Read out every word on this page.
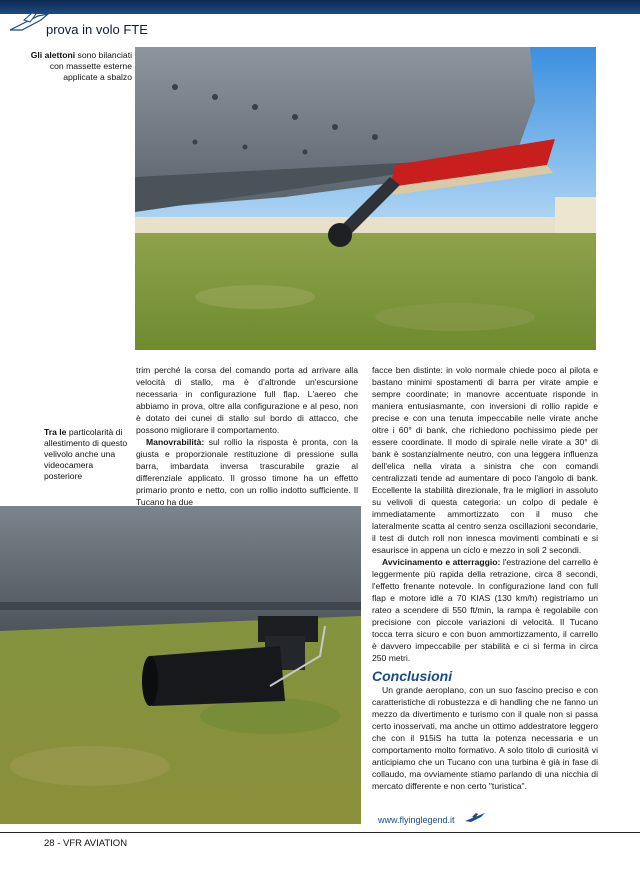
prova in volo FTE
Gli alettoni sono bilanciati con massette esterne applicate a sbalzo
Tra le particolarità di allestimento di questo velivolo anche una videocamera posteriore

trim perché la corsa del comando porta ad arrivare alla velocità di stallo, ma è d'altronde un'escursione necessaria in configurazione full flap. L'aereo che abbiamo in prova, oltre alla configurazione e al peso, non è dotato dei cunei di stallo sul bordo di attacco, che possono migliorare il comportamento.

Manovrabilità: sul rollio la risposta è pronta, con la giusta e proporzionale restituzione di pressione sulla barra, imbardata inversa trascurabile grazie al differenziale applicato. Il grosso timone ha un effetto primario pronto e netto, con un rollio indotto sufficiente. Il Tucano ha due

facce ben distinte: in volo normale chiede poco al pilota e bastano minimi spostamenti di barra per virate ampie e sempre coordinate; in manovre accentuate risponde in maniera entusiasmante, con inversioni di rollio rapide e precise e con una tenuta impeccabile nelle virate anche oltre i 60° di bank, che richiedono pochissimo piede per essere coordinate. Il modo di spirale nelle virate a 30° di bank è sostanzialmente neutro, con una leggera influenza dell'elica nella virata a sinistra che con comandi centralizzati tende ad aumentare di poco l'angolo di bank. Eccellente la stabilità direzionale, fra le migliori in assoluto su velivoli di questa categoria: un colpo di pedale è immediatamente ammortizzato con il muso che lateralmente scatta al centro senza oscillazioni secondarie, il test di dutch roll non innesca movimenti combinati e si esaurisce in appena un ciclo e mezzo in soli 2 secondi.

Avvicinamento e atterraggio: l'estrazione del carrello è leggermente più rapida della retrazione, circa 8 secondi, l'effetto frenante notevole. In configurazione land con full flap e motore idle a 70 KIAS (130 km/h) registriamo un rateo a scendere di 550 ft/min, la rampa è regolabile con precisione con piccole variazioni di velocità. Il Tucano tocca terra sicuro e con buon ammortizzamento, il carrello è davvero impeccabile per stabilità e ci si ferma in circa 250 metri.

Conclusioni

Un grande aeroplano, con un suo fascino preciso e con caratteristiche di robustezza e di handling che ne fanno un mezzo da divertimento e turismo con il quale non si passa certo inosservati, ma anche un ottimo addestratore leggero che con il 915iS ha tutta la potenza necessaria e un comportamento molto formativo. A solo titolo di curiosità vi anticipiamo che un Tucano con una turbina è già in fase di collaudo, ma ovviamente stiamo parlando di una nicchia di mercato differente e non certo "turistica".

www.flyinglegend.it
28 - VFR AVIATION
